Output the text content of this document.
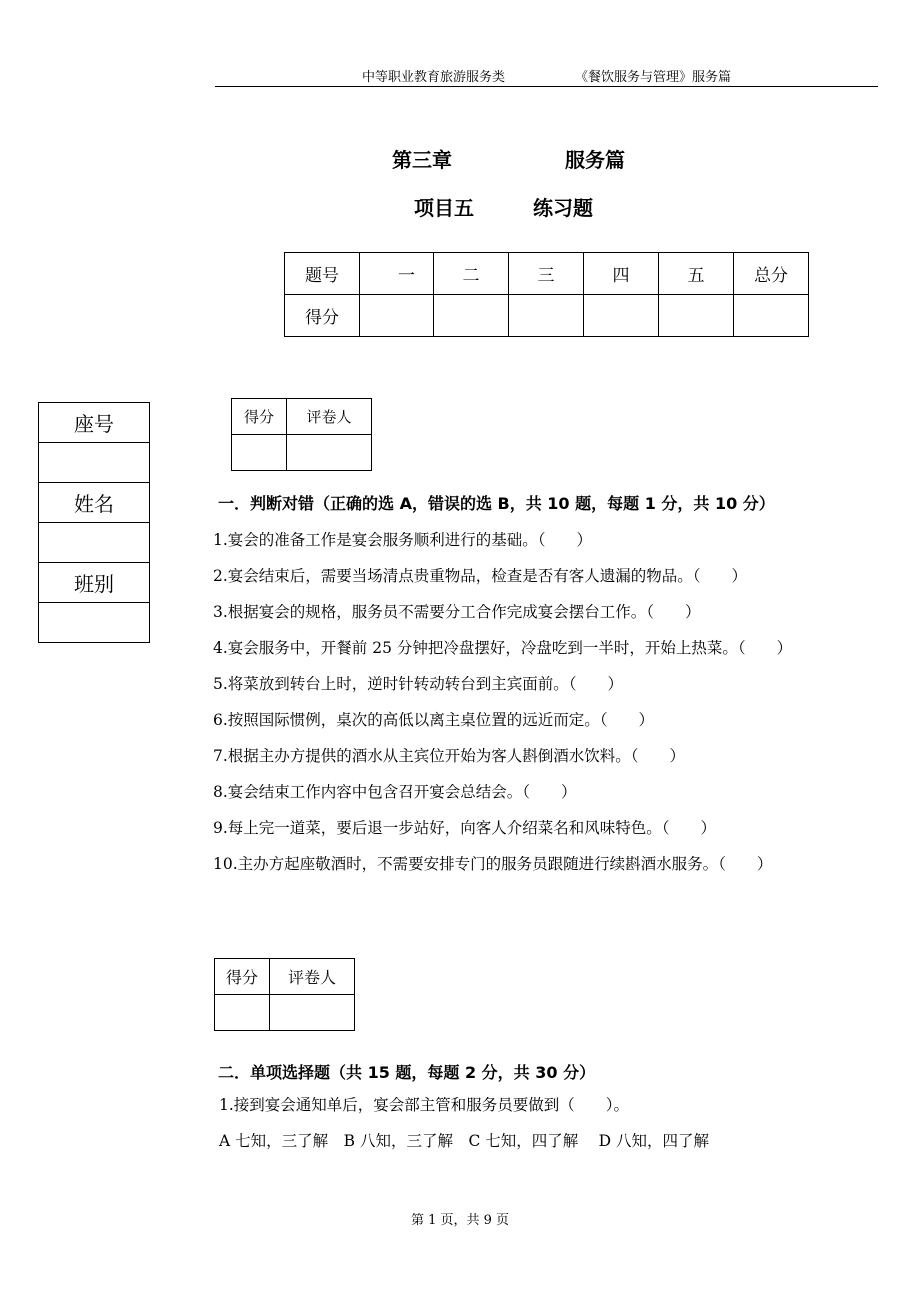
中等职业教育旅游服务类	《餐饮服务与管理》服务篇
第三章	服务篇
项目五	练习题
题号	一	二	三	四	五	总分
得分						
座号

姓名

班别

得分	评卷人

一．判断对错（正确的选 A，错误的选 B，共 10 题，每题 1 分，共 10 分）
1.宴会的准备工作是宴会服务顺利进行的基础。（　　）
2.宴会结束后，需要当场清点贵重物品，检查是否有客人遗漏的物品。（　　）
3.根据宴会的规格，服务员不需要分工合作完成宴会摆台工作。（　　）
4.宴会服务中，开餐前 25 分钟把冷盘摆好，冷盘吃到一半时，开始上热菜。（　　）
5.将菜放到转台上时，逆时针转动转台到主宾面前。（　　）
6.按照国际惯例，桌次的高低以离主桌位置的远近而定。（　　）
7.根据主办方提供的酒水从主宾位开始为客人斟倒酒水饮料。（　　）
8.宴会结束工作内容中包含召开宴会总结会。（　　）
9.每上完一道菜，要后退一步站好，向客人介绍菜名和风味特色。（　　）
10.主办方起座敬酒时，不需要安排专门的服务员跟随进行续斟酒水服务。（　　）
得分	评卷人

二．单项选择题（共 15 题，每题 2 分，共 30 分）
1.接到宴会通知单后，宴会部主管和服务员要做到（　　）。
A 七知，三了解　B 八知，三了解　C 七知，四了解　 D 八知，四了解
第 1 页，共 9 页
